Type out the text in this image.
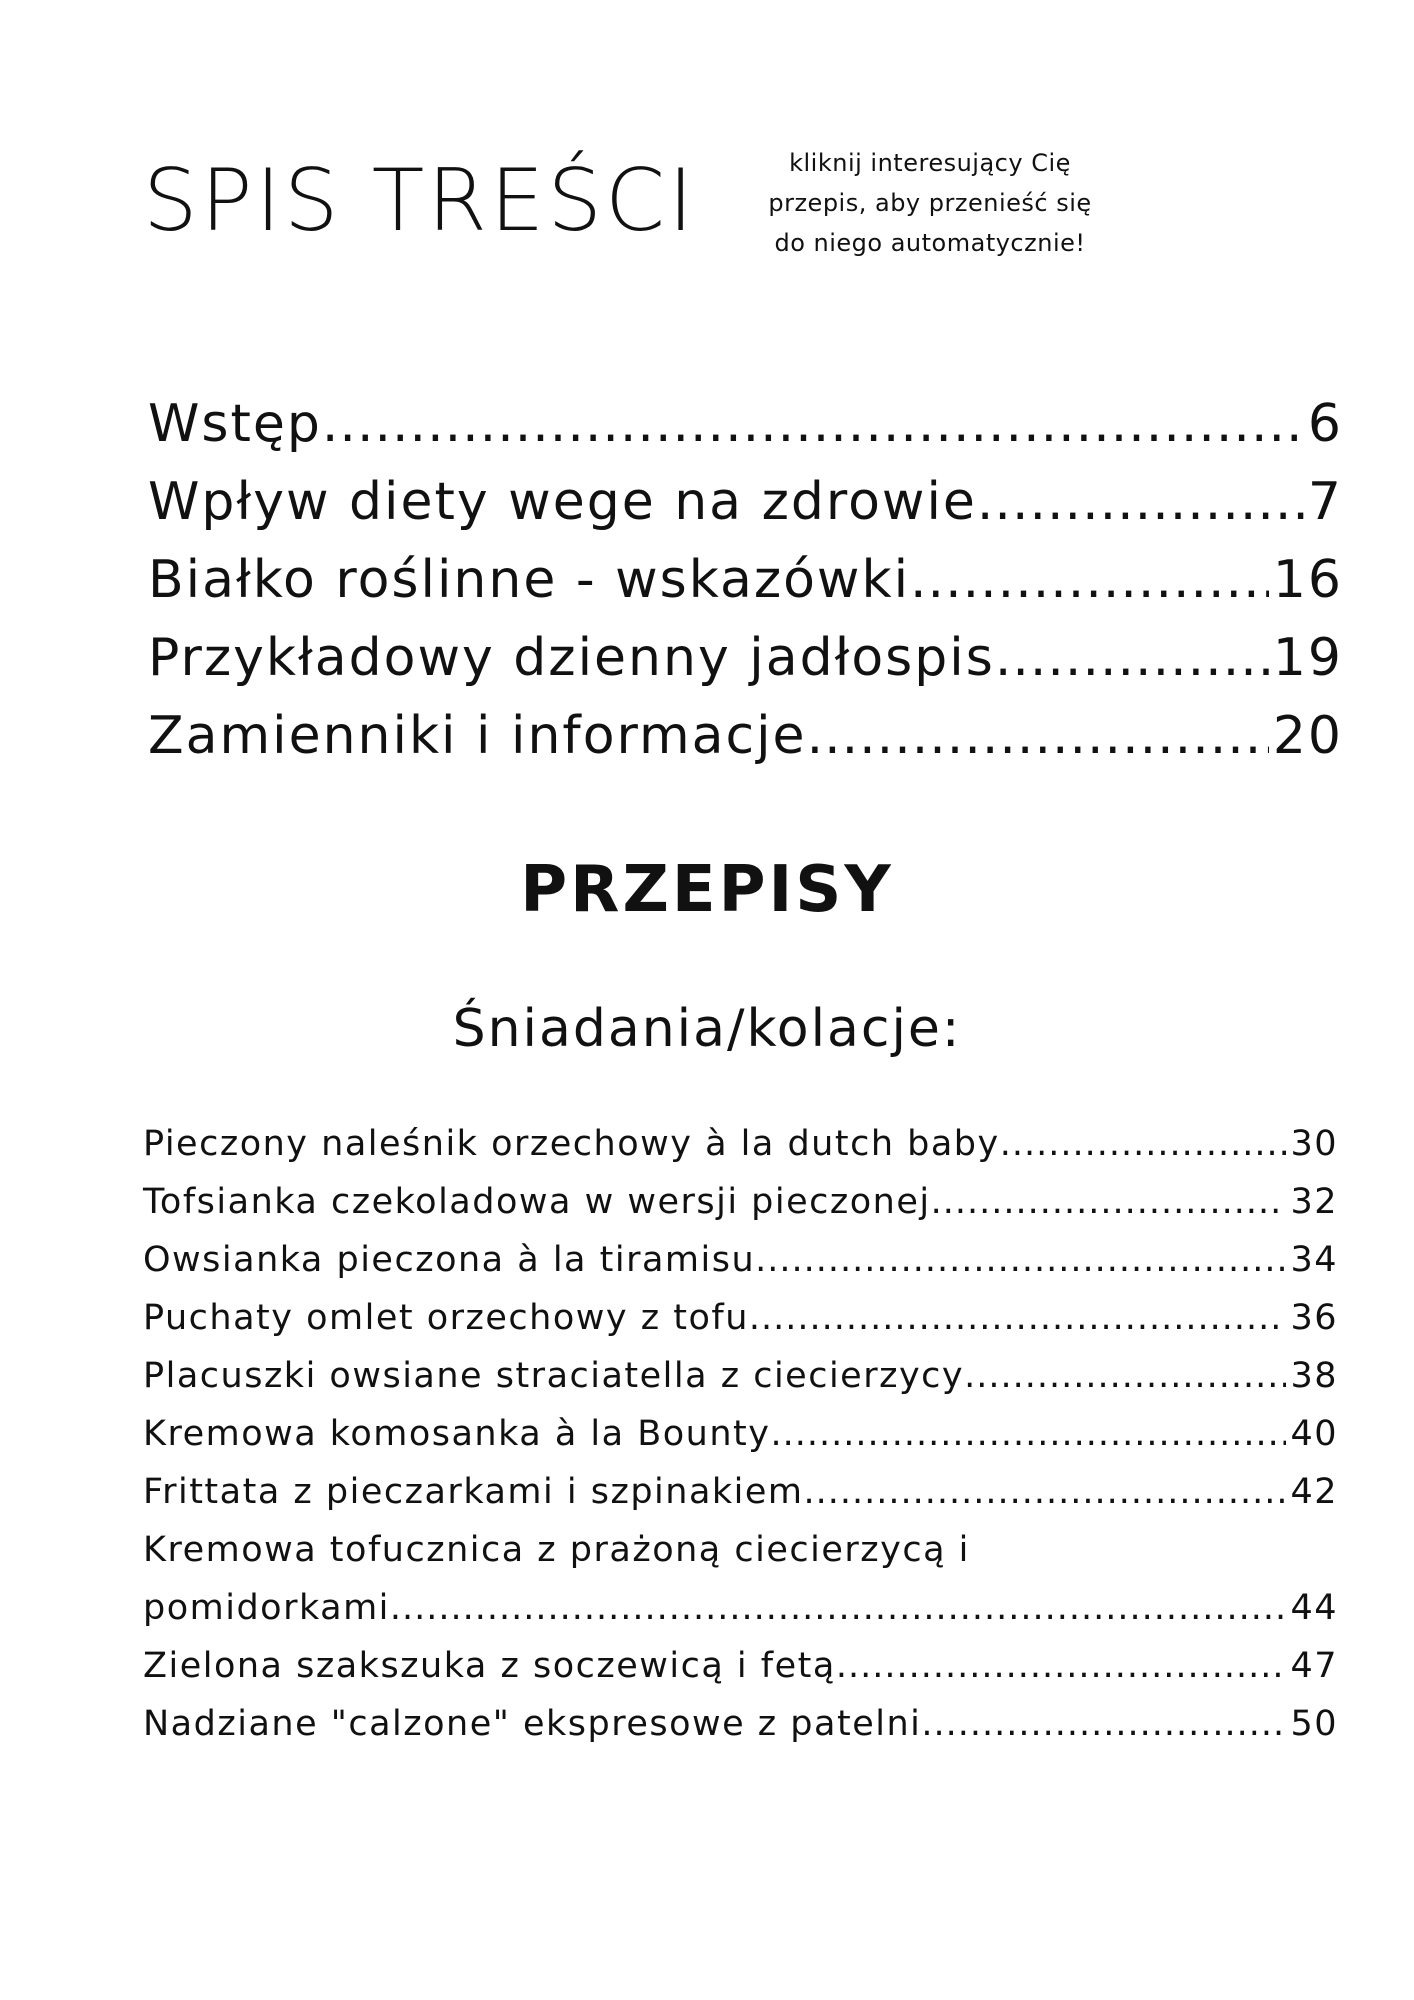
SPIS TREŚCI	kliknij interesujący Cię
przepis, aby przenieść się
do niego automatycznie!
Wstęp .....	6
Wpływ diety wege na zdrowie .....	7
Białko roślinne - wskazówki .....	16
Przykładowy dzienny jadłospis .....	19
Zamienniki i informacje .....	20
PRZEPISY
Śniadania/kolacje:
Pieczony naleśnik orzechowy à la dutch baby .....	30
Tofsianka czekoladowa w wersji pieczonej .....	32
Owsianka pieczona à la tiramisu .....	34
Puchaty omlet orzechowy z tofu .....	36
Placuszki owsiane straciatella z ciecierzycy .....	38
Kremowa komosanka à la Bounty .....	40
Frittata z pieczarkami i szpinakiem .....	42
Kremowa tofucznica z prażoną ciecierzycą i
pomidorkami .....	44
Zielona szakszuka z soczewicą i fetą .....	47
Nadziane "calzone" ekspresowe z patelni .....	50
